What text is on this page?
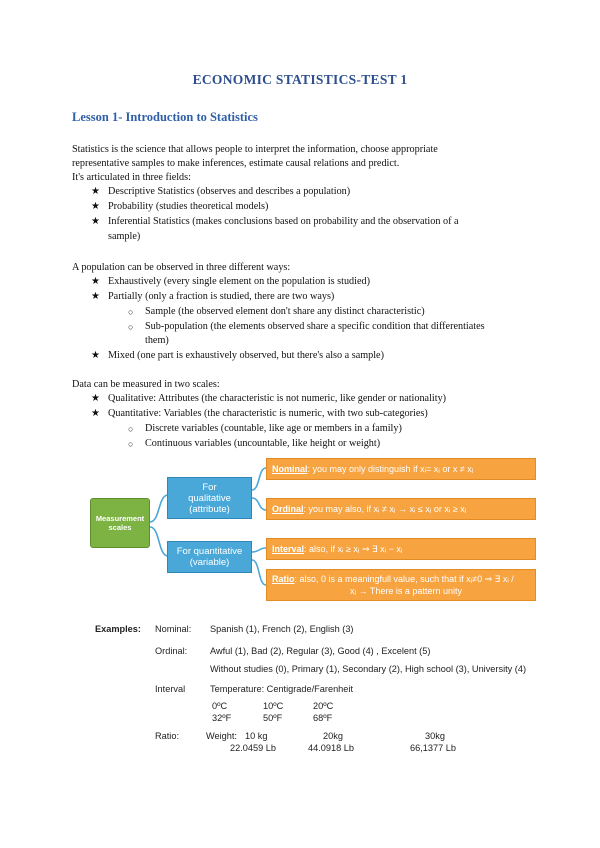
ECONOMIC STATISTICS-TEST 1
Lesson 1- Introduction to Statistics
Statistics is the science that allows people to interpret the information, choose appropriate
representative samples to make inferences, estimate causal relations and predict.
It's articulated in three fields:
★ Descriptive Statistics (observes and describes a population)
★ Probability (studies theoretical models)
★ Inferential Statistics (makes conclusions based on probability and the observation of a
sample)
A population can be observed in three different ways:
★ Exhaustively (every single element on the population is studied)
★ Partially (only a fraction is studied, there are two ways)
○ Sample (the observed element don't share any distinct characteristic)
○ Sub-population (the elements observed share a specific condition that differentiates
them)
★ Mixed (one part is exhaustively observed, but there's also a sample)
Data can be measured in two scales:
★ Qualitative: Attributes (the characteristic is not numeric, like gender or nationality)
★ Quantitative: Variables (the characteristic is numeric, with two sub-categories)
○ Discrete variables (countable, like age or members in a family)
○ Continuous variables (uncountable, like height or weight)
Measurement scales
For
qualitative
(attribute)
For quantitative
(variable)
Nominal: you may only distinguish if xᵢ= xⱼ or x ≠ xⱼ
Ordinal: you may also, if xᵢ ≠ xⱼ → xᵢ ≤ xⱼ or xᵢ ≥ xⱼ
Interval: also, if xᵢ ≥ xⱼ ⇒ ∃ xᵢ − xⱼ
Ratio: also, 0 is a meaningfull value, such that if xⱼ≠0 ⇒ ∃ xᵢ /
xⱼ → There is a pattern unity
Examples: Nominal: Spanish (1), French (2), English (3)
Ordinal: Awful (1), Bad (2), Regular (3), Good (4) , Excelent (5)
Without studies (0), Primary (1), Secondary (2), High school (3), University (4)
Interval	Temperature: Centigrade/Farenheit
0ºC	10ºC	20ºC
32ºF	50ºF	68ºF
Ratio:	Weight: 10 kg	20kg	30kg
22.0459 Lb	44.0918 Lb	66,1377 Lb
